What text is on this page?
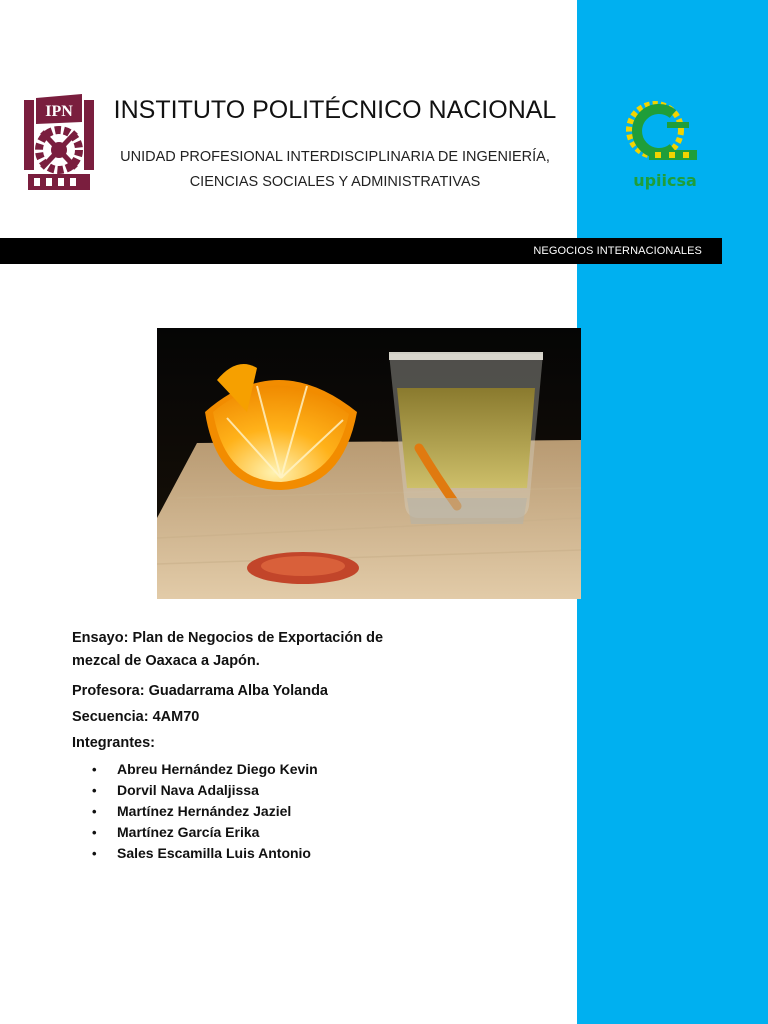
IPN INSTITUTO POLITÉCNICO NACIONAL
UNIDAD PROFESIONAL INTERDISCIPLINARIA DE INGENIERÍA,
CIENCIAS SOCIALES Y ADMINISTRATIVAS	upiicsa
NEGOCIOS INTERNACIONALES

Ensayo: Plan de Negocios de Exportación de
mezcal de Oaxaca a Japón.

Profesora: Guadarrama Alba Yolanda

Secuencia: 4AM70

Integrantes:

• Abreu Hernández Diego Kevin
• Dorvil Nava Adaljissa
• Martínez Hernández Jaziel
• Martínez García Erika
• Sales Escamilla Luis Antonio
